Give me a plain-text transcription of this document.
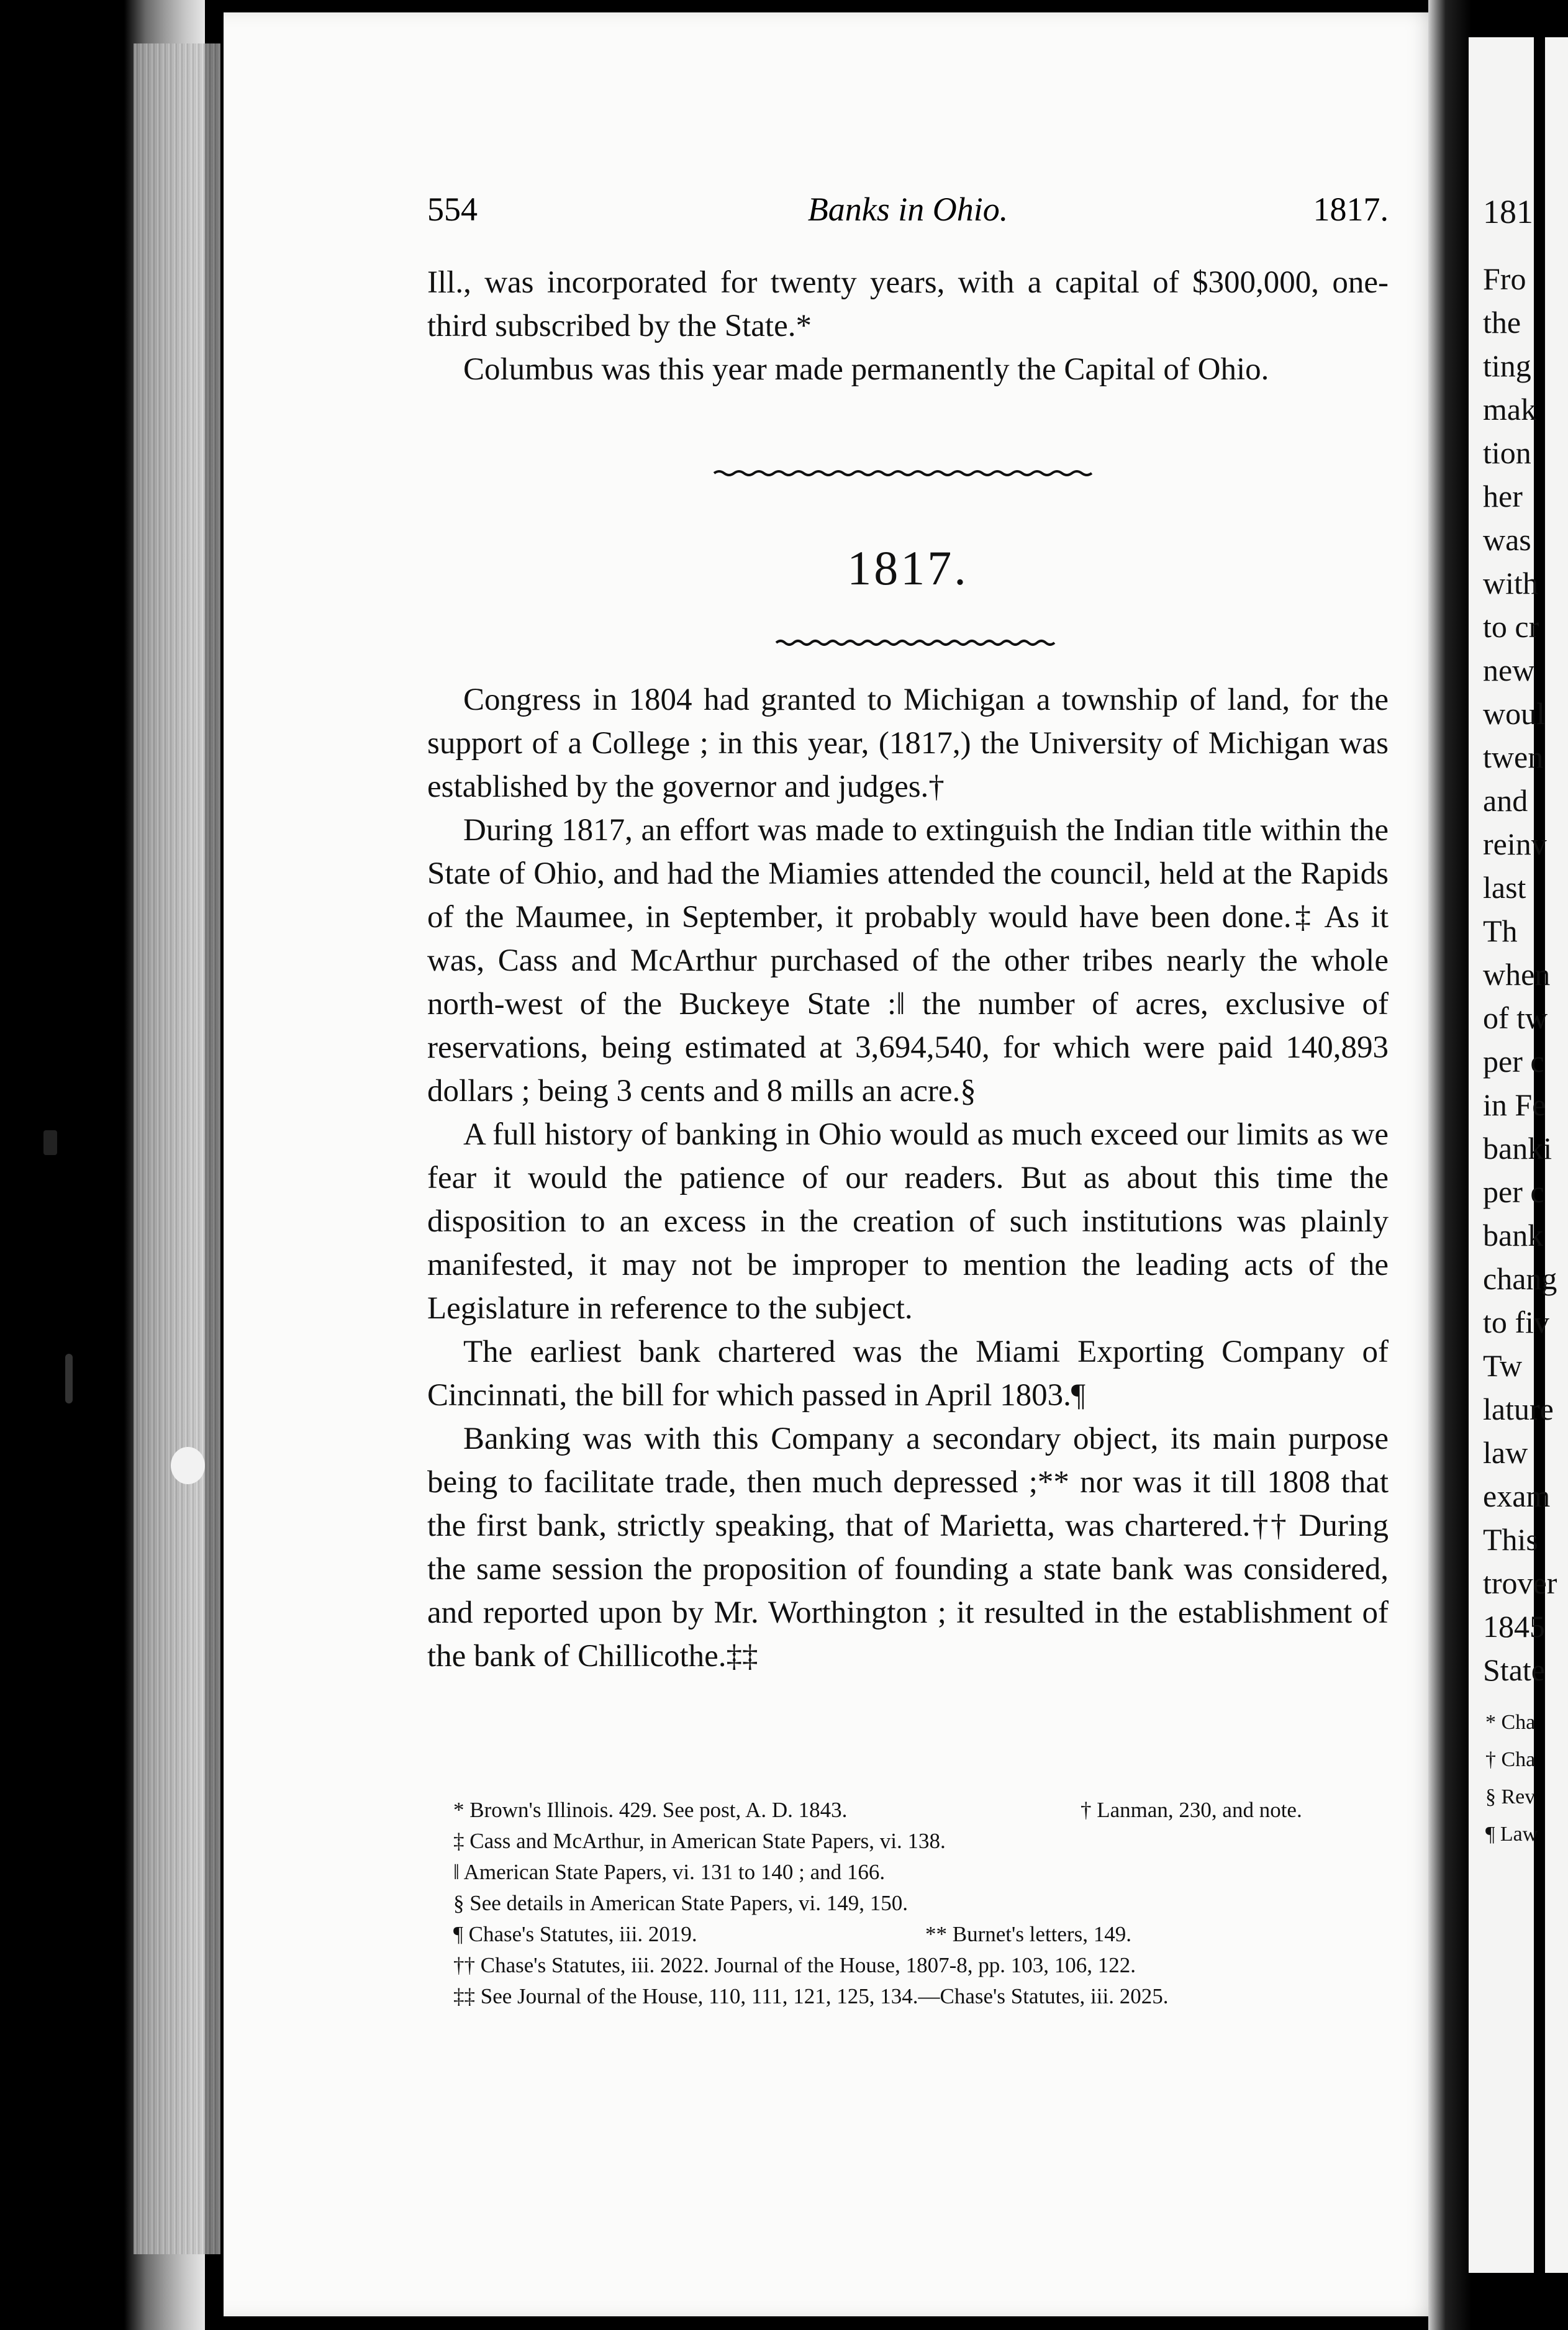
554	Banks in Ohio.	1817.

Ill., was incorporated for twenty years, with a capital of $300,000, one-third subscribed by the State.*

Columbus was this year made permanently the Capital of Ohio.

1817.

Congress in 1804 had granted to Michigan a township of land, for the support of a College ; in this year, (1817,) the University of Michigan was established by the governor and judges.†

During 1817, an effort was made to extinguish the Indian title within the State of Ohio, and had the Miamies attended the council, held at the Rapids of the Maumee, in September, it probably would have been done.‡ As it was, Cass and McArthur purchased of the other tribes nearly the whole north-west of the Buckeye State :‖ the number of acres, exclusive of reservations, being estimated at 3,694,540, for which were paid 140,893 dollars ; being 3 cents and 8 mills an acre.§

A full history of banking in Ohio would as much exceed our limits as we fear it would the patience of our readers. But as about this time the disposition to an excess in the creation of such institutions was plainly manifested, it may not be improper to mention the leading acts of the Legislature in reference to the subject.

The earliest bank chartered was the Miami Exporting Company of Cincinnati, the bill for which passed in April 1803.¶

Banking was with this Company a secondary object, its main purpose being to facilitate trade, then much depressed ;** nor was it till 1808 that the first bank, strictly speaking, that of Marietta, was chartered.†† During the same session the proposition of founding a state bank was considered, and reported upon by Mr. Worthington ; it resulted in the establishment of the bank of Chillicothe.‡‡

* Brown's Illinois. 429. See post, A. D. 1843.	† Lanman, 230, and note.
‡ Cass and McArthur, in American State Papers, vi. 138.
‖ American State Papers, vi. 131 to 140 ; and 166.
§ See details in American State Papers, vi. 149, 150.
¶ Chase's Statutes, iii. 2019.	** Burnet's letters, 149.
†† Chase's Statutes, iii. 2022. Journal of the House, 1807-8, pp. 103, 106, 122.
‡‡ See Journal of the House, 110, 111, 121, 125, 134.—Chase's Statutes, iii. 2025.
181
Fro
the
ting
mak
tion
her
was
with
to cr
new
woul
twen
and
reinv
last
Th
when
of tw
per c
in Fe
banki
per c
bank
chang
to fiv
Tw
lature
law
exam
This
trover
1845
State
* Cha
† Cha
§ Rev
¶ Law
